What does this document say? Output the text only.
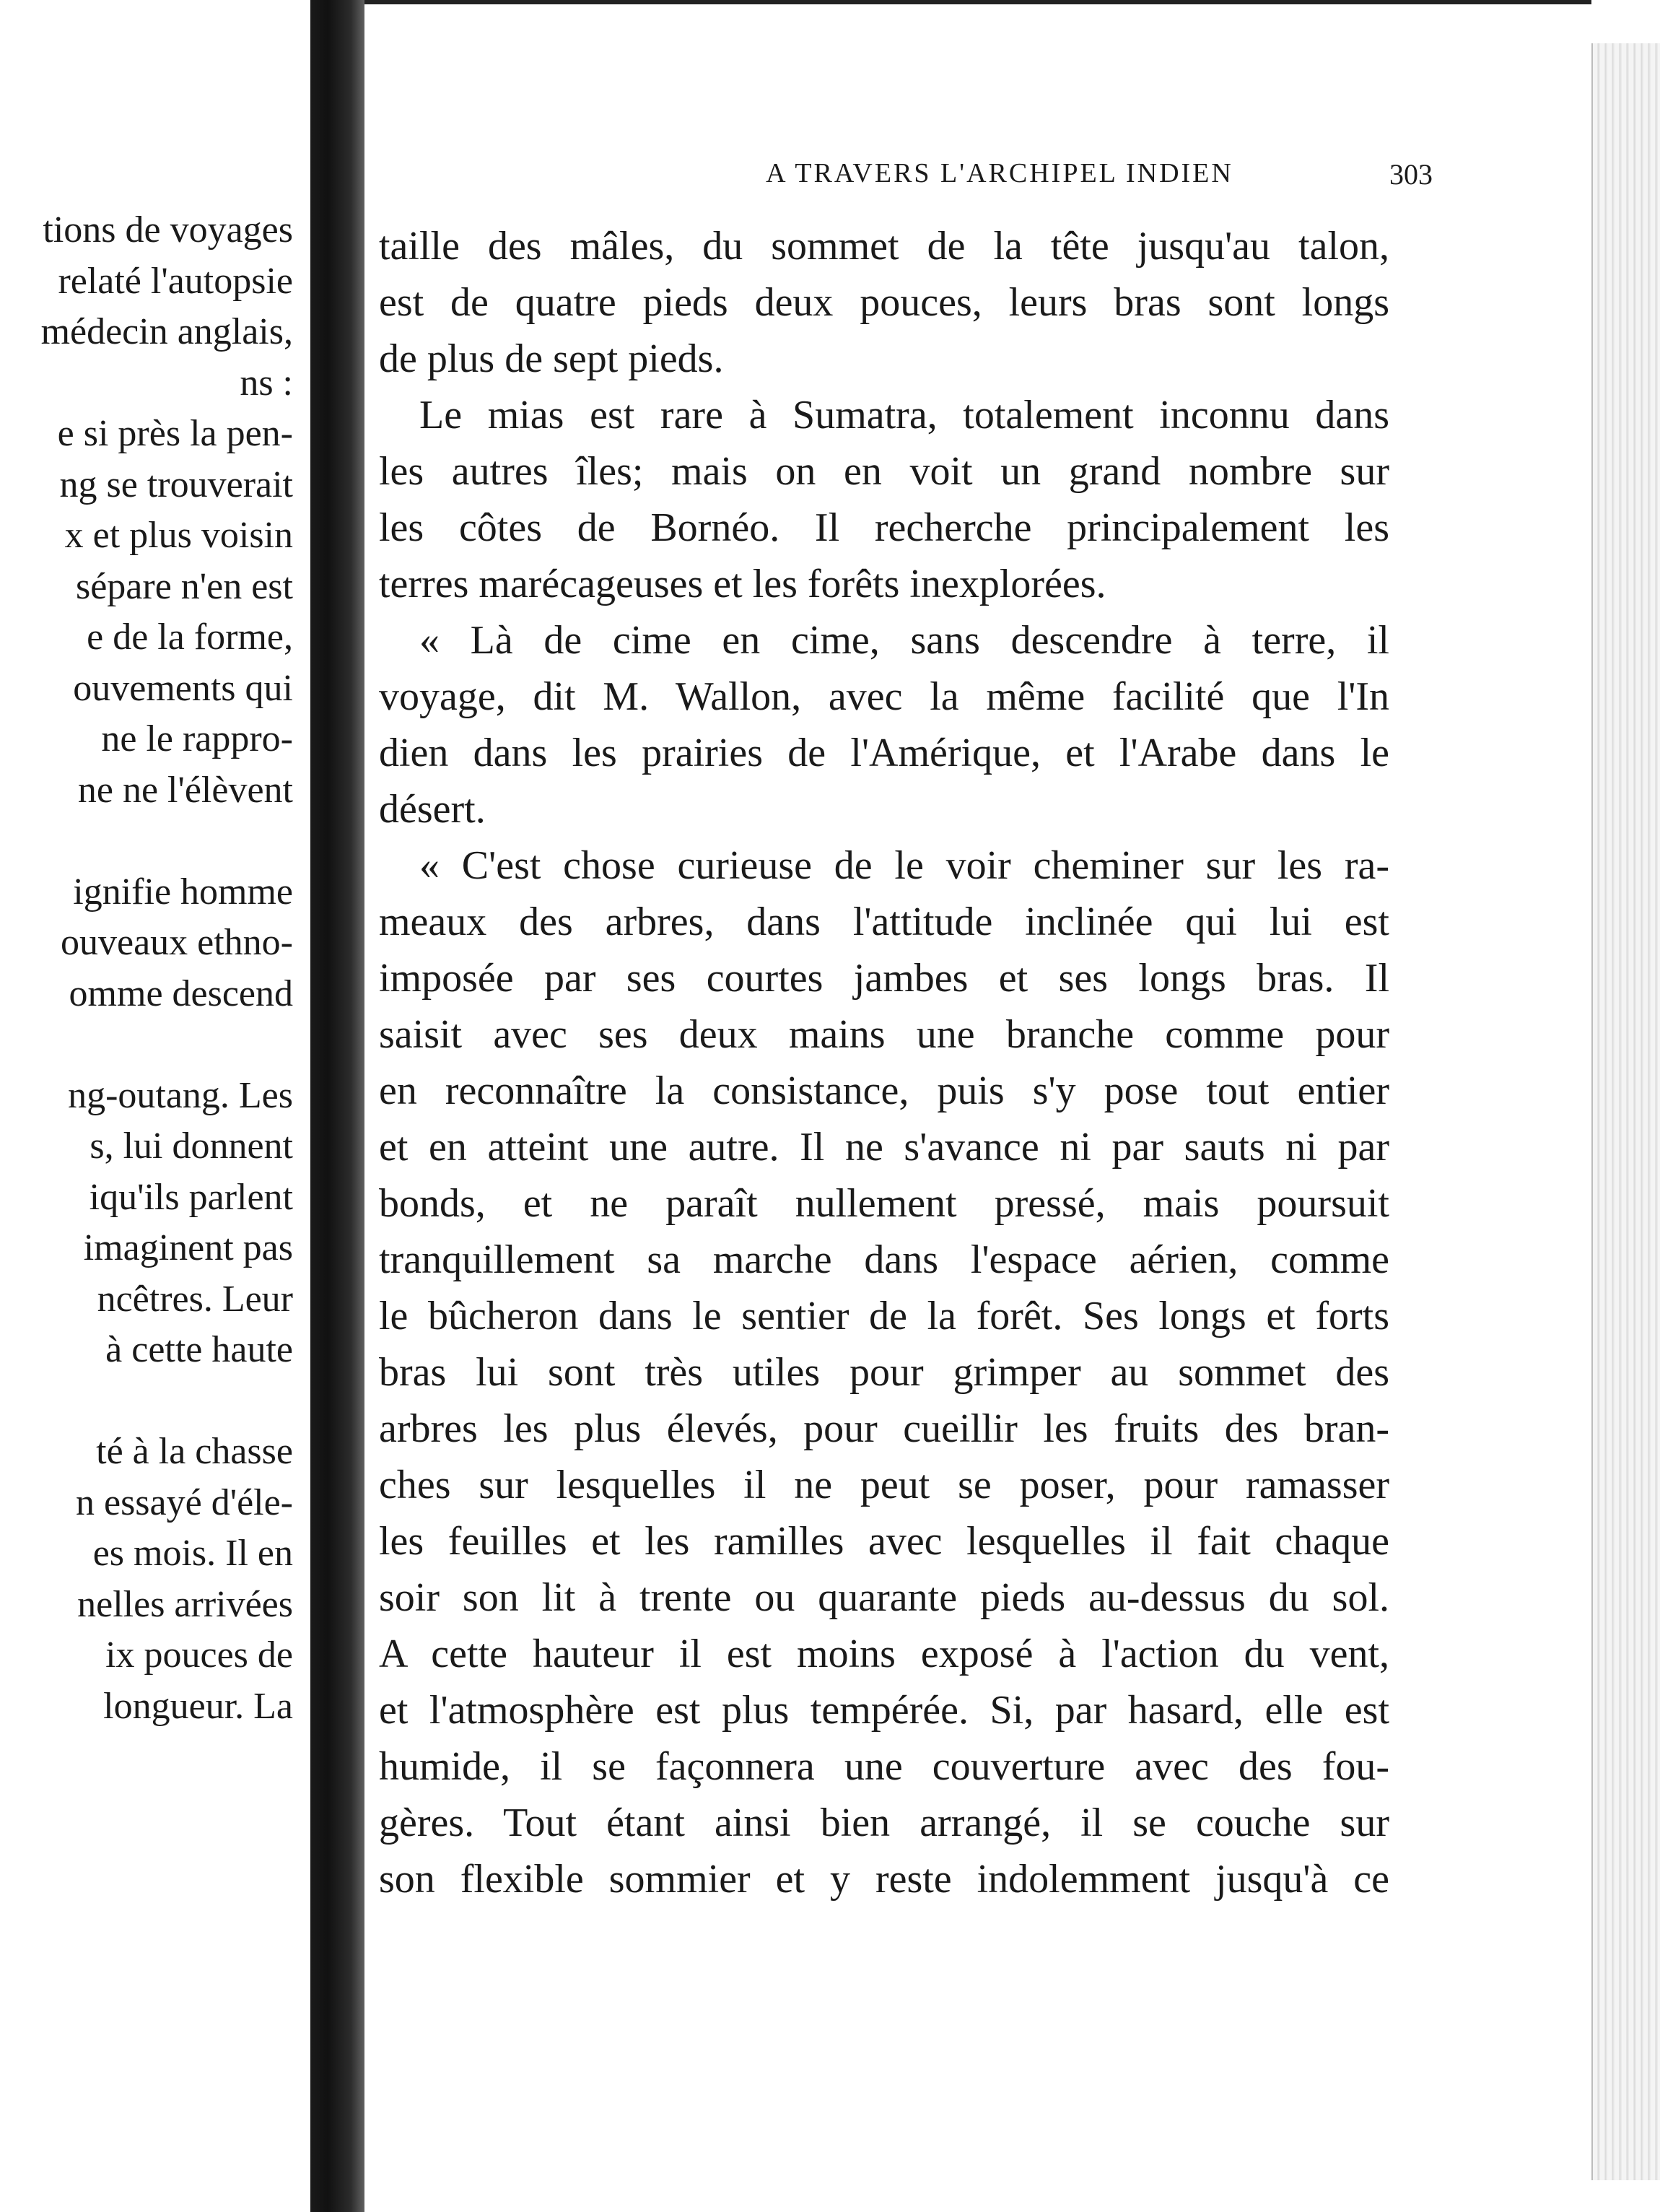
tions de voyages
relaté l'autopsie
médecin anglais,
ns :
e si près la pen-
ng se trouverait
x et plus voisin
sépare n'en est
e de la forme,
ouvements qui
ne le rappro-
ne ne l'élèvent
ignifie homme
ouveaux ethno-
omme descend
ng-outang. Les
s, lui donnent
iqu'ils parlent
imaginent pas
ncêtres. Leur
à cette haute
té à la chasse
n essayé d'éle-
es mois. Il en
nelles arrivées
ix pouces de
longueur. La
A TRAVERS L'ARCHIPEL INDIEN	303
taille des mâles, du sommet de la tête jusqu'au talon,
est de quatre pieds deux pouces, leurs bras sont longs
de plus de sept pieds.
Le mias est rare à Sumatra, totalement inconnu dans
les autres îles; mais on en voit un grand nombre sur
les côtes de Bornéo. Il recherche principalement les
terres marécageuses et les forêts inexplorées.
« Là de cime en cime, sans descendre à terre, il
voyage, dit M. Wallon, avec la même facilité que l'In
dien dans les prairies de l'Amérique, et l'Arabe dans le
désert.
« C'est chose curieuse de le voir cheminer sur les ra-
meaux des arbres, dans l'attitude inclinée qui lui est
imposée par ses courtes jambes et ses longs bras. Il
saisit avec ses deux mains une branche comme pour
en reconnaître la consistance, puis s'y pose tout entier
et en atteint une autre. Il ne s'avance ni par sauts ni par
bonds, et ne paraît nullement pressé, mais poursuit
tranquillement sa marche dans l'espace aérien, comme
le bûcheron dans le sentier de la forêt. Ses longs et forts
bras lui sont très utiles pour grimper au sommet des
arbres les plus élevés, pour cueillir les fruits des bran-
ches sur lesquelles il ne peut se poser, pour ramasser
les feuilles et les ramilles avec lesquelles il fait chaque
soir son lit à trente ou quarante pieds au-dessus du sol.
A cette hauteur il est moins exposé à l'action du vent,
et l'atmosphère est plus tempérée. Si, par hasard, elle est
humide, il se façonnera une couverture avec des fou-
gères. Tout étant ainsi bien arrangé, il se couche sur
son flexible sommier et y reste indolemment jusqu'à ce
